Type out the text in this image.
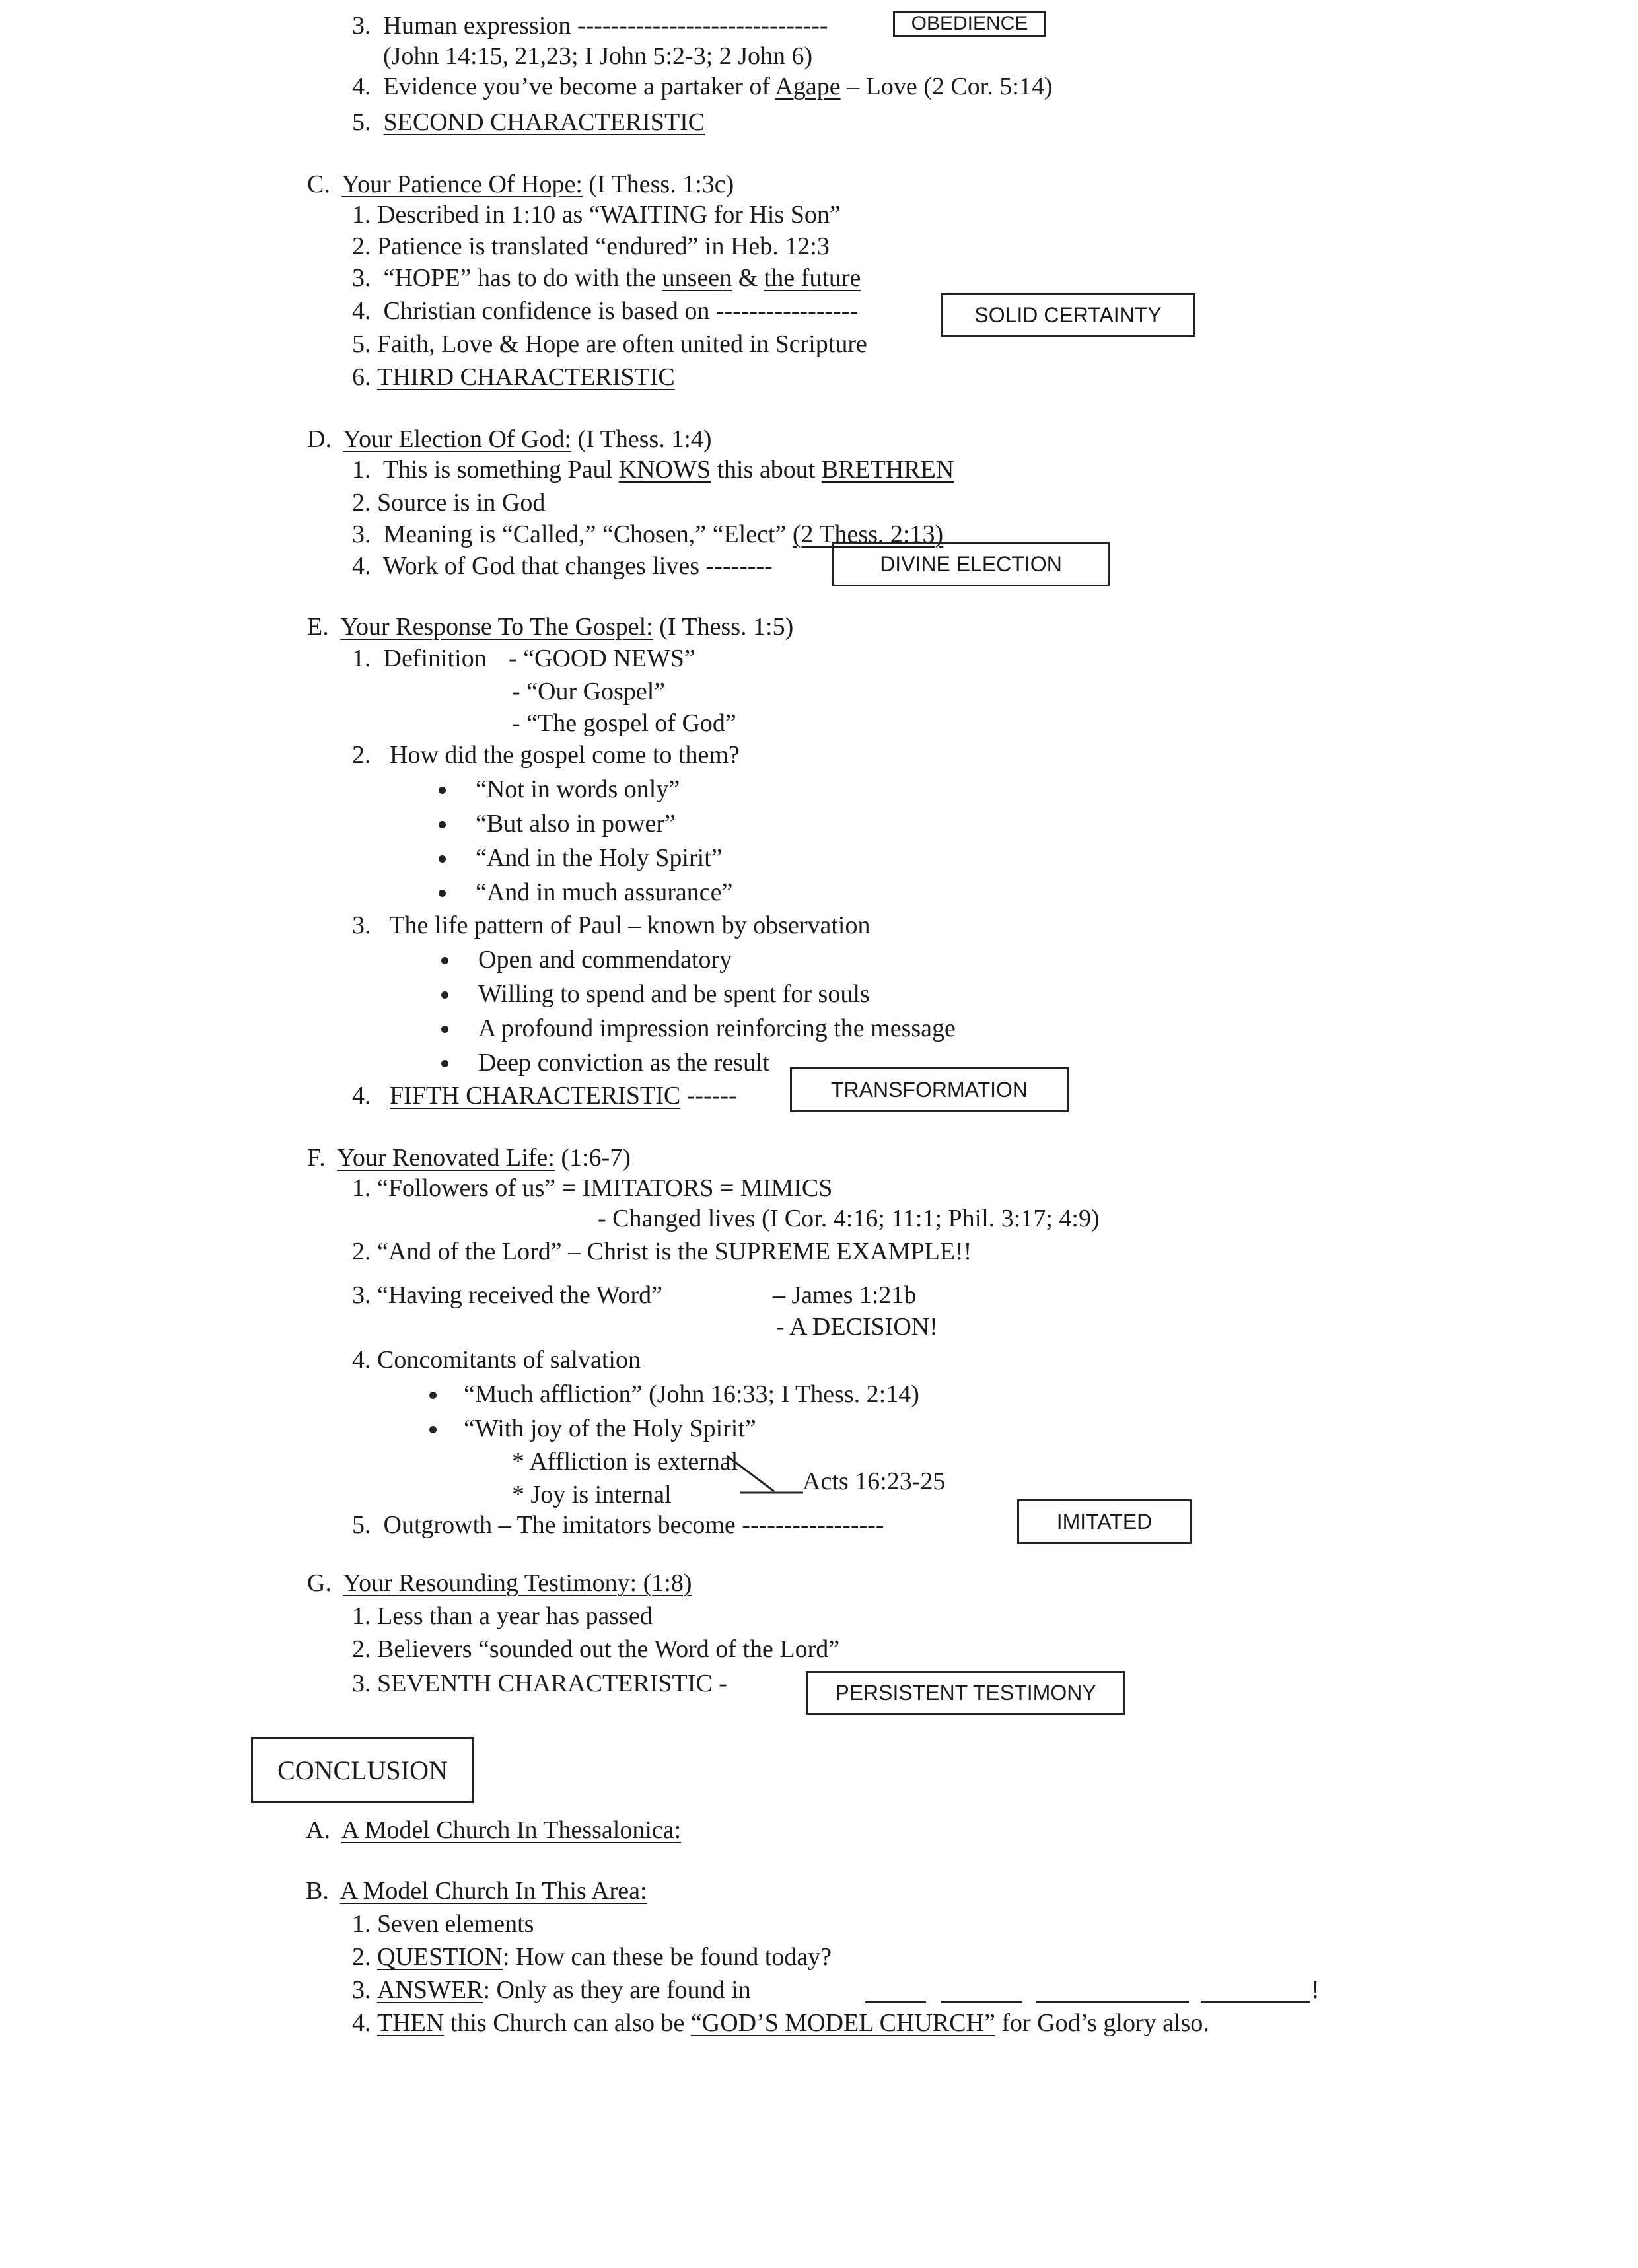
3. Human expression ------------------------------	OBEDIENCE
(John 14:15, 21,23; I John 5:2-3; 2 John 6)
4. Evidence you’ve become a partaker of Agape – Love (2 Cor. 5:14)
5. SECOND CHARACTERISTIC
C. Your Patience Of Hope: (I Thess. 1:3c)
1. Described in 1:10 as “WAITING for His Son”
2. Patience is translated “endured” in Heb. 12:3
3. “HOPE” has to do with the unseen & the future
4. Christian confidence is based on -----------------	SOLID CERTAINTY
5. Faith, Love & Hope are often united in Scripture
6. THIRD CHARACTERISTIC
D. Your Election Of God: (I Thess. 1:4)
1. This is something Paul KNOWS this about BRETHREN
2. Source is in God
3. Meaning is “Called,” “Chosen,” “Elect” (2 Thess. 2:13)
4. Work of God that changes lives --------	DIVINE ELECTION
E. Your Response To The Gospel: (I Thess. 1:5)
1. Definition - “GOOD NEWS”
- “Our Gospel”
- “The gospel of God”
2. How did the gospel come to them?
“Not in words only”
“But also in power”
“And in the Holy Spirit”
“And in much assurance”
3. The life pattern of Paul – known by observation
Open and commendatory
Willing to spend and be spent for souls
A profound impression reinforcing the message
Deep conviction as the result
4. FIFTH CHARACTERISTIC ------	TRANSFORMATION
F. Your Renovated Life: (1:6-7)
1. “Followers of us” = IMITATORS = MIMICS
- Changed lives (I Cor. 4:16; 11:1; Phil. 3:17; 4:9)
2. “And of the Lord” – Christ is the SUPREME EXAMPLE!!
3. “Having received the Word”	– James 1:21b
- A DECISION!
4. Concomitants of salvation
“Much affliction” (John 16:33; I Thess. 2:14)
“With joy of the Holy Spirit”
* Affliction is external
* Joy is internal	Acts 16:23-25
5. Outgrowth – The imitators become -----------------	IMITATED
G. Your Resounding Testimony: (1:8)
1. Less than a year has passed
2. Believers “sounded out the Word of the Lord”
3. SEVENTH CHARACTERISTIC -	PERSISTENT TESTIMONY
CONCLUSION
A. A Model Church In Thessalonica:
B. A Model Church In This Area:
1. Seven elements
2. QUESTION: How can these be found today?
3. ANSWER: Only as they are found in	!
4. THEN this Church can also be “GOD’S MODEL CHURCH” for God’s glory also.
